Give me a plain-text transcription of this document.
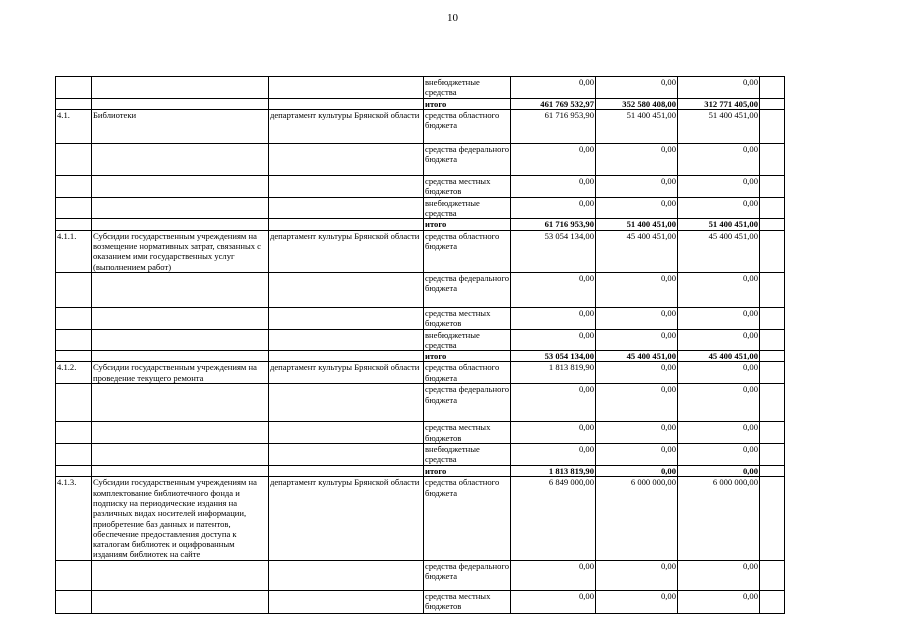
10
			внебюджетные средства	0,00	0,00	0,00	
			итого	461 769 532,97	352 580 408,00	312 771 405,00	
4.1.	Библиотеки	департамент культуры Брянской области	средства областного бюджета	61 716 953,90	51 400 451,00	51 400 451,00	
			средства федерального бюджета	0,00	0,00	0,00	
			средства местных бюджетов	0,00	0,00	0,00	
			внебюджетные средства	0,00	0,00	0,00	
			итого	61 716 953,90	51 400 451,00	51 400 451,00	
4.1.1.	Субсидии государственным учреждениям на возмещение нормативных затрат, связанных с оказанием ими государственных услуг (выполнением работ)	департамент культуры Брянской области	средства областного бюджета	53 054 134,00	45 400 451,00	45 400 451,00	
			средства федерального бюджета	0,00	0,00	0,00	
			средства местных бюджетов	0,00	0,00	0,00	
			внебюджетные средства	0,00	0,00	0,00	
			итого	53 054 134,00	45 400 451,00	45 400 451,00	
4.1.2.	Субсидии государственным учреждениям на проведение текущего ремонта	департамент культуры Брянской области	средства областного бюджета	1 813 819,90	0,00	0,00	
			средства федерального бюджета	0,00	0,00	0,00	
			средства местных бюджетов	0,00	0,00	0,00	
			внебюджетные средства	0,00	0,00	0,00	
			итого	1 813 819,90	0,00	0,00	
4.1.3.	Субсидии государственным учреждениям на комплектование библиотечного фонда и подписку на периодические издания на различных видах носителей информации, приобретение баз данных и патентов, обеспечение предоставления доступа к каталогам библиотек и оцифрованным изданиям библиотек на сайте	департамент культуры Брянской области	средства областного бюджета	6 849 000,00	6 000 000,00	6 000 000,00	
			средства федерального бюджета	0,00	0,00	0,00	
			средства местных бюджетов	0,00	0,00	0,00	
